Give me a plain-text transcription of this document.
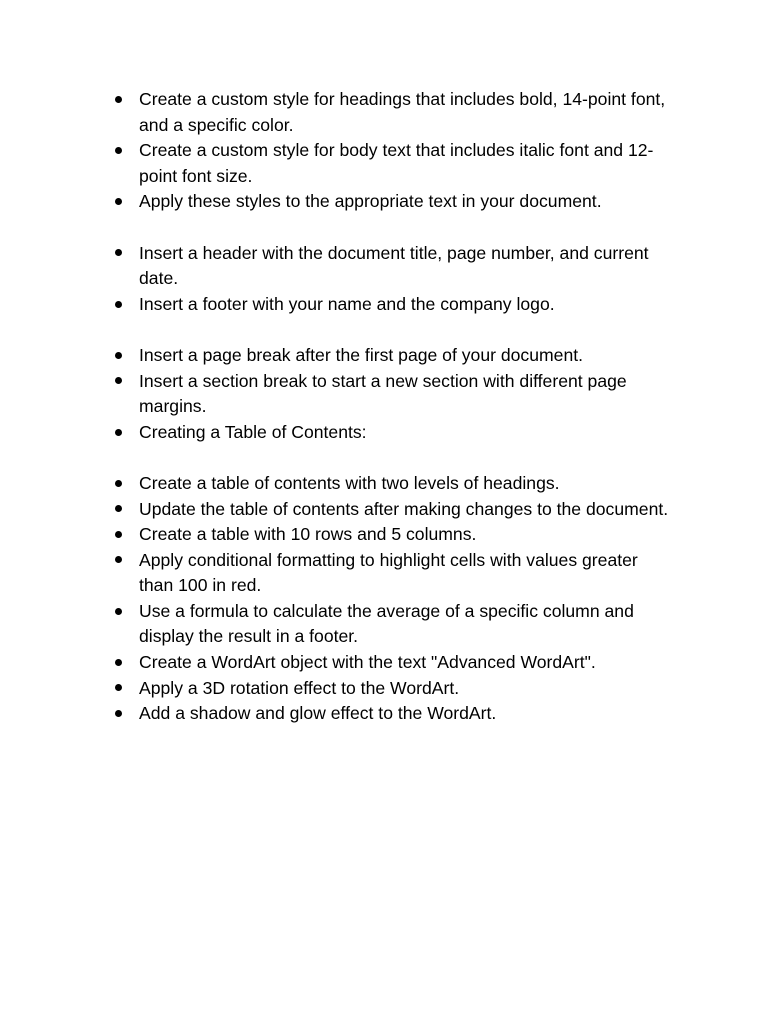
Create a custom style for headings that includes bold, 14-point font, and a specific color.
Create a custom style for body text that includes italic font and 12-point font size.
Apply these styles to the appropriate text in your document.
Insert a header with the document title, page number, and current date.
Insert a footer with your name and the company logo.
Insert a page break after the first page of your document.
Insert a section break to start a new section with different page margins.
Creating a Table of Contents:
Create a table of contents with two levels of headings.
Update the table of contents after making changes to the document.
Create a table with 10 rows and 5 columns.
Apply conditional formatting to highlight cells with values greater than 100 in red.
Use a formula to calculate the average of a specific column and display the result in a footer.
Create a WordArt object with the text "Advanced WordArt".
Apply a 3D rotation effect to the WordArt.
Add a shadow and glow effect to the WordArt.
